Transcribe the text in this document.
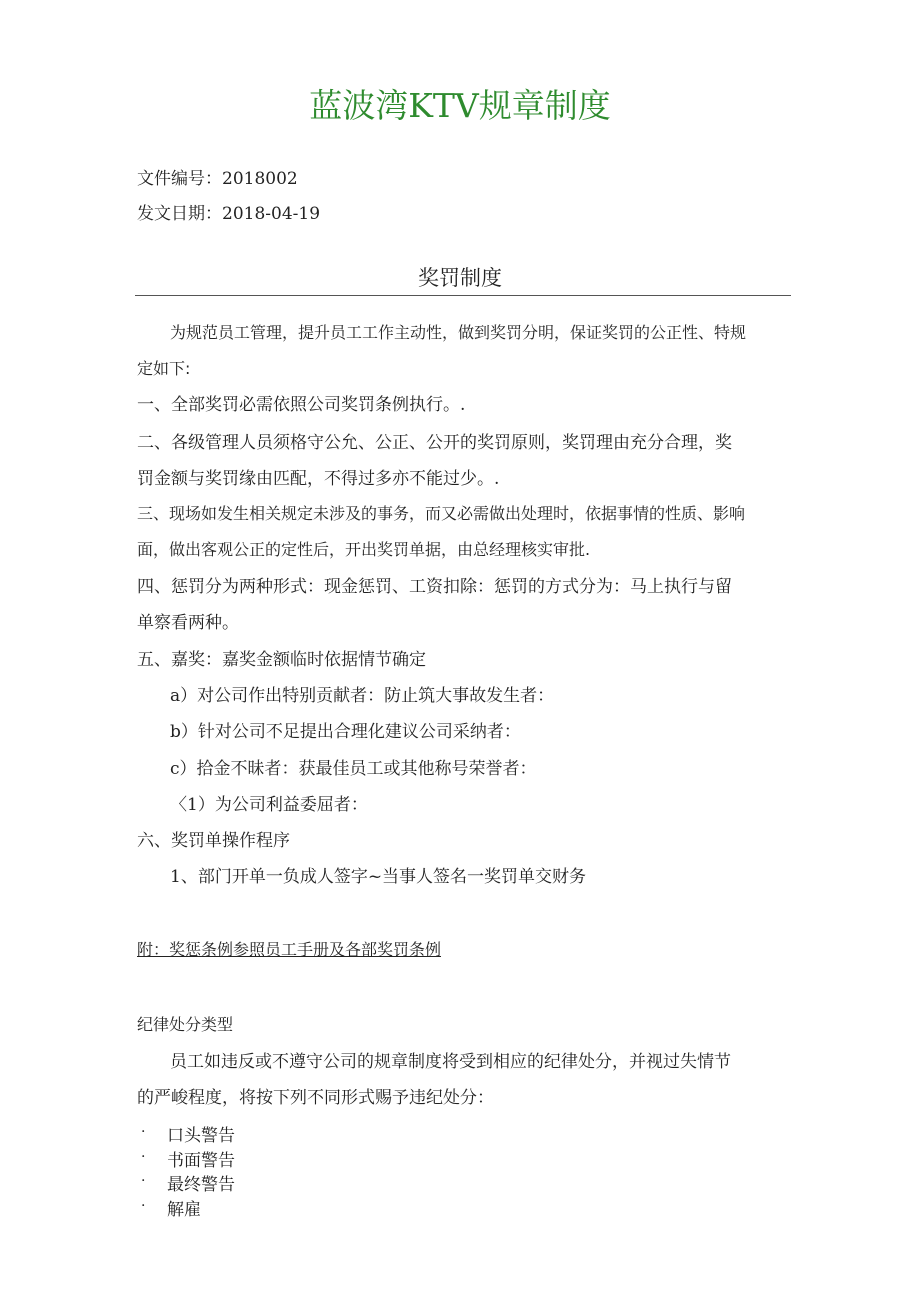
蓝波湾KTV规章制度
文件编号：2018002
发文日期：2018-04-19
奖罚制度
为规范员工管理，提升员工工作主动性，做到奖罚分明，保证奖罚的公正性、特规
定如下:
一、全部奖罚必需依照公司奖罚条例执行。.
二、各级管理人员须格守公允、公正、公开的奖罚原则，奖罚理由充分合理，奖
罚金额与奖罚缘由匹配，不得过多亦不能过少。.
三、现场如发生相关规定未涉及的事务，而又必需做出处理时，依据事情的性质、影响
面，做出客观公正的定性后，开出奖罚单据，由总经理核实审批.
四、惩罚分为两种形式：现金惩罚、工资扣除：惩罚的方式分为：马上执行与留
单察看两种。
五、嘉奖：嘉奖金额临时依据情节确定
a）对公司作出特别贡献者：防止筑大事故发生者：
b）针对公司不足提出合理化建议公司采纳者：
c）拾金不昧者：获最佳员工或其他称号荣誉者：
〈1）为公司利益委屈者：
六、奖罚单操作程序
1、部门开单一负成人签字~当事人签名一奖罚单交财务
附：奖惩条例参照员工手册及各部奖罚条例
纪律处分类型
员工如违反或不遵守公司的规章制度将受到相应的纪律处分，并视过失情节
的严峻程度，将按下列不同形式赐予违纪处分：
· 口头警告
· 书面警告
· 最终警告
· 解雇
